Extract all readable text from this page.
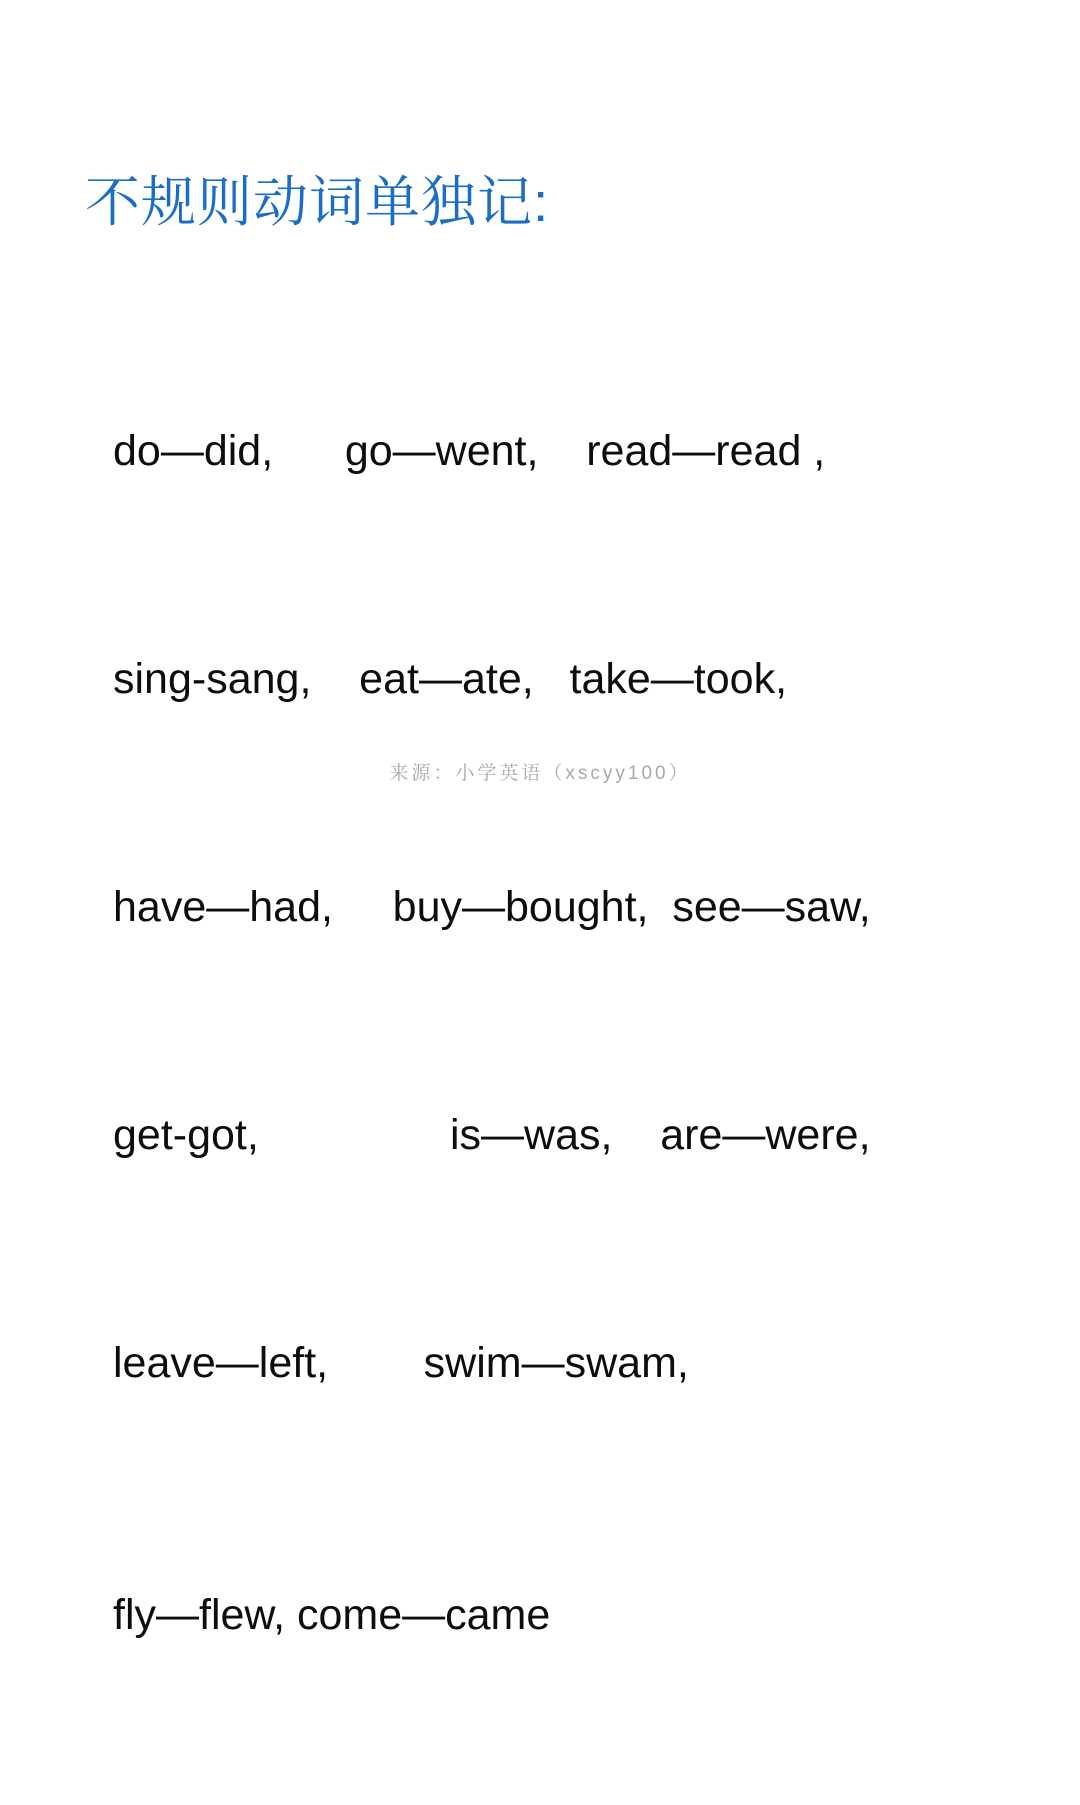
不规则动词单独记:

do—did,      go—went,    read—read ,

sing-sang,    eat—ate,   take—took,

have—had,     buy—bought,  see—saw,

get-got,                is—was,    are—were,

leave—left,        swim—swam,

fly—flew, come—came

来源：小学英语（xscyy100）
